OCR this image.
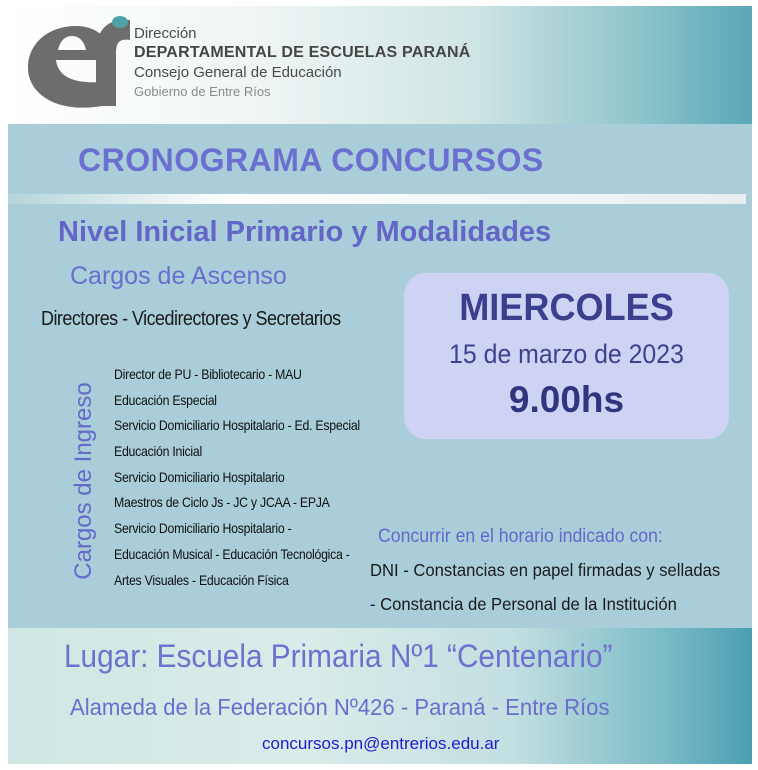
Dirección
DEPARTAMENTAL DE ESCUELAS PARANÁ
Consejo General de Educación
Gobierno de Entre Ríos
CRONOGRAMA CONCURSOS
Nivel Inicial Primario y Modalidades
Cargos de Ascenso
Directores - Vicedirectores y Secretarios
Cargos de Ingreso
Director de PU - Bibliotecario - MAU
Educación Especial
Servicio Domiciliario Hospitalario - Ed. Especial
Educación Inicial
Servicio Domiciliario Hospitalario
Maestros de Ciclo Js - JC y JCAA - EPJA
Servicio Domiciliario Hospitalario -
Educación Musical - Educación Tecnológica -
Artes Visuales - Educación Física
MIERCOLES
15 de marzo de 2023
9.00hs
Concurrir en el horario indicado con:
DNI - Constancias en papel firmadas y selladas
- Constancia de Personal de la Institución
Lugar: Escuela Primaria Nº1 “Centenario”
Alameda de la Federación Nº426 - Paraná - Entre Ríos
concursos.pn@entrerios.edu.ar
